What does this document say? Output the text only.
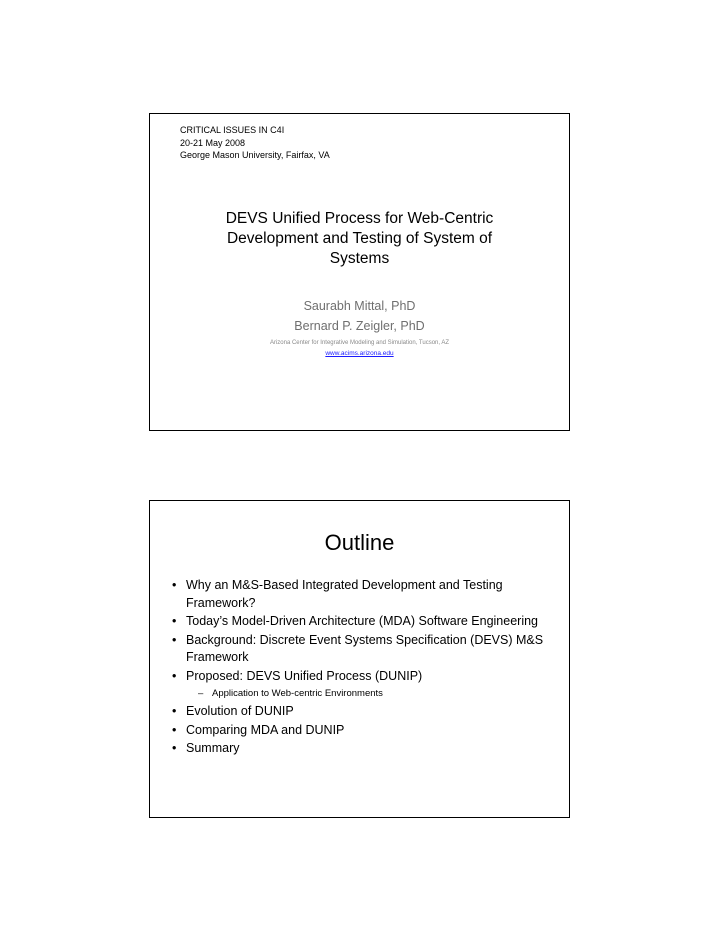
CRITICAL ISSUES IN C4I
20-21 May 2008
George Mason University, Fairfax, VA
DEVS Unified Process for Web-Centric
Development and Testing of System of
Systems
Saurabh Mittal, PhD
Bernard P. Zeigler, PhD
Arizona Center for Integrative Modeling and Simulation, Tucson, AZ
www.acims.arizona.edu
Outline
• Why an M&S-Based Integrated Development and Testing Framework?
• Today’s Model-Driven Architecture (MDA) Software Engineering
• Background: Discrete Event Systems Specification (DEVS) M&S Framework
• Proposed: DEVS Unified Process (DUNIP)
– Application to Web-centric Environments
• Evolution of DUNIP
• Comparing MDA and DUNIP
• Summary
